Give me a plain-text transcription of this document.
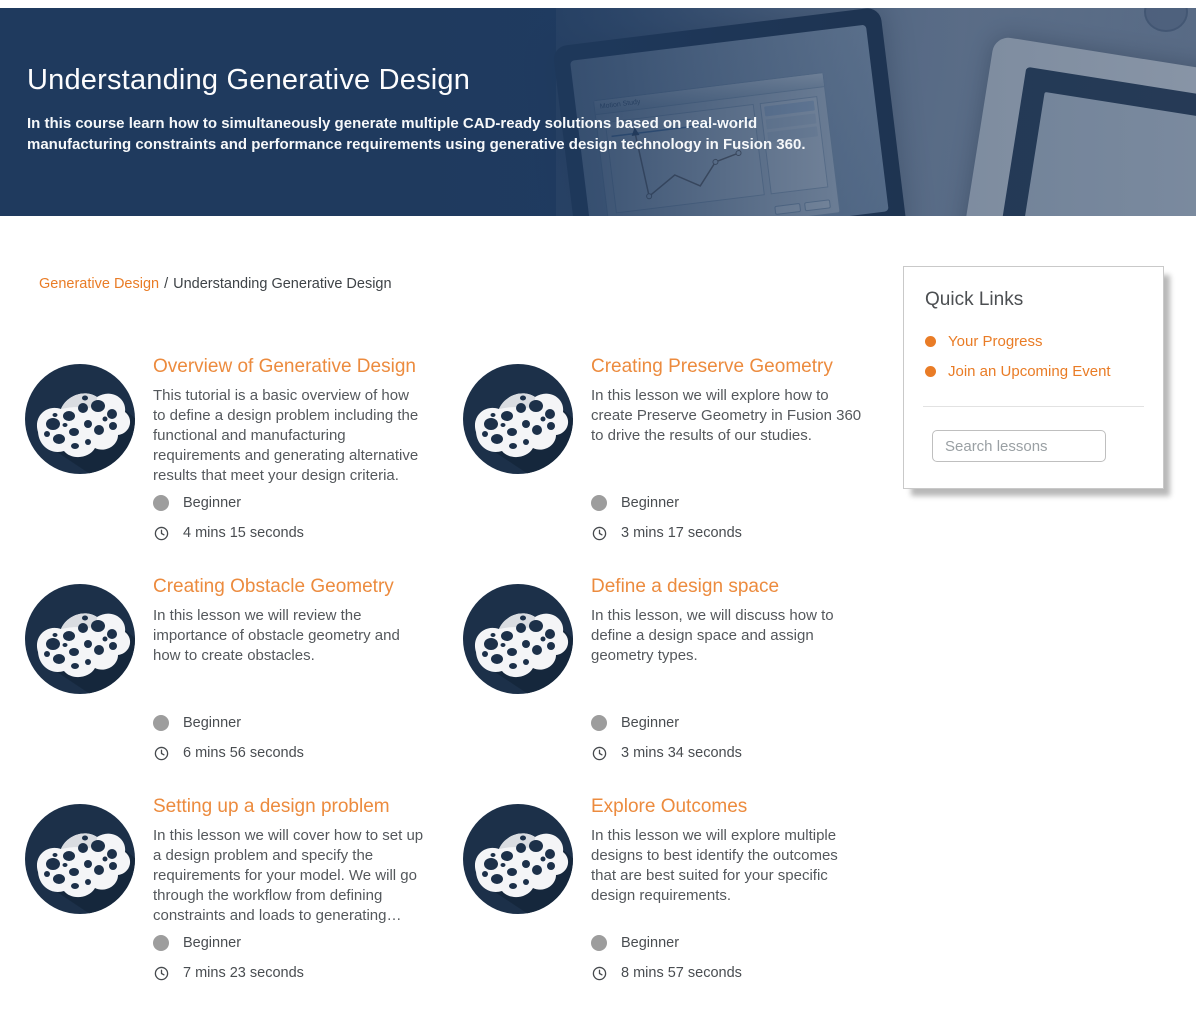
Understanding Generative Design

In this course learn how to simultaneously generate multiple CAD-ready solutions based on real-world manufacturing constraints and performance requirements using generative design technology in Fusion 360.

Generative Design / Understanding Generative Design
Overview of Generative Design

This tutorial is a basic overview of how to define a design problem including the functional and manufacturing requirements and generating alternative results that meet your design criteria.

Beginner
4 mins 15 seconds
Creating Preserve Geometry

In this lesson we will explore how to create Preserve Geometry in Fusion 360 to drive the results of our studies.

Beginner
3 mins 17 seconds
Creating Obstacle Geometry

In this lesson we will review the importance of obstacle geometry and how to create obstacles.

Beginner
6 mins 56 seconds
Define a design space

In this lesson, we will discuss how to define a design space and assign geometry types.

Beginner
3 mins 34 seconds
Setting up a design problem

In this lesson we will cover how to set up a design problem and specify the requirements for your model. We will go through the workflow from defining constraints and loads to generating…

Beginner
7 mins 23 seconds
Explore Outcomes

In this lesson we will explore multiple designs to best identify the outcomes that are best suited for your specific design requirements.

Beginner
8 mins 57 seconds
Quick Links
Your Progress
Join an Upcoming Event
Search lessons
